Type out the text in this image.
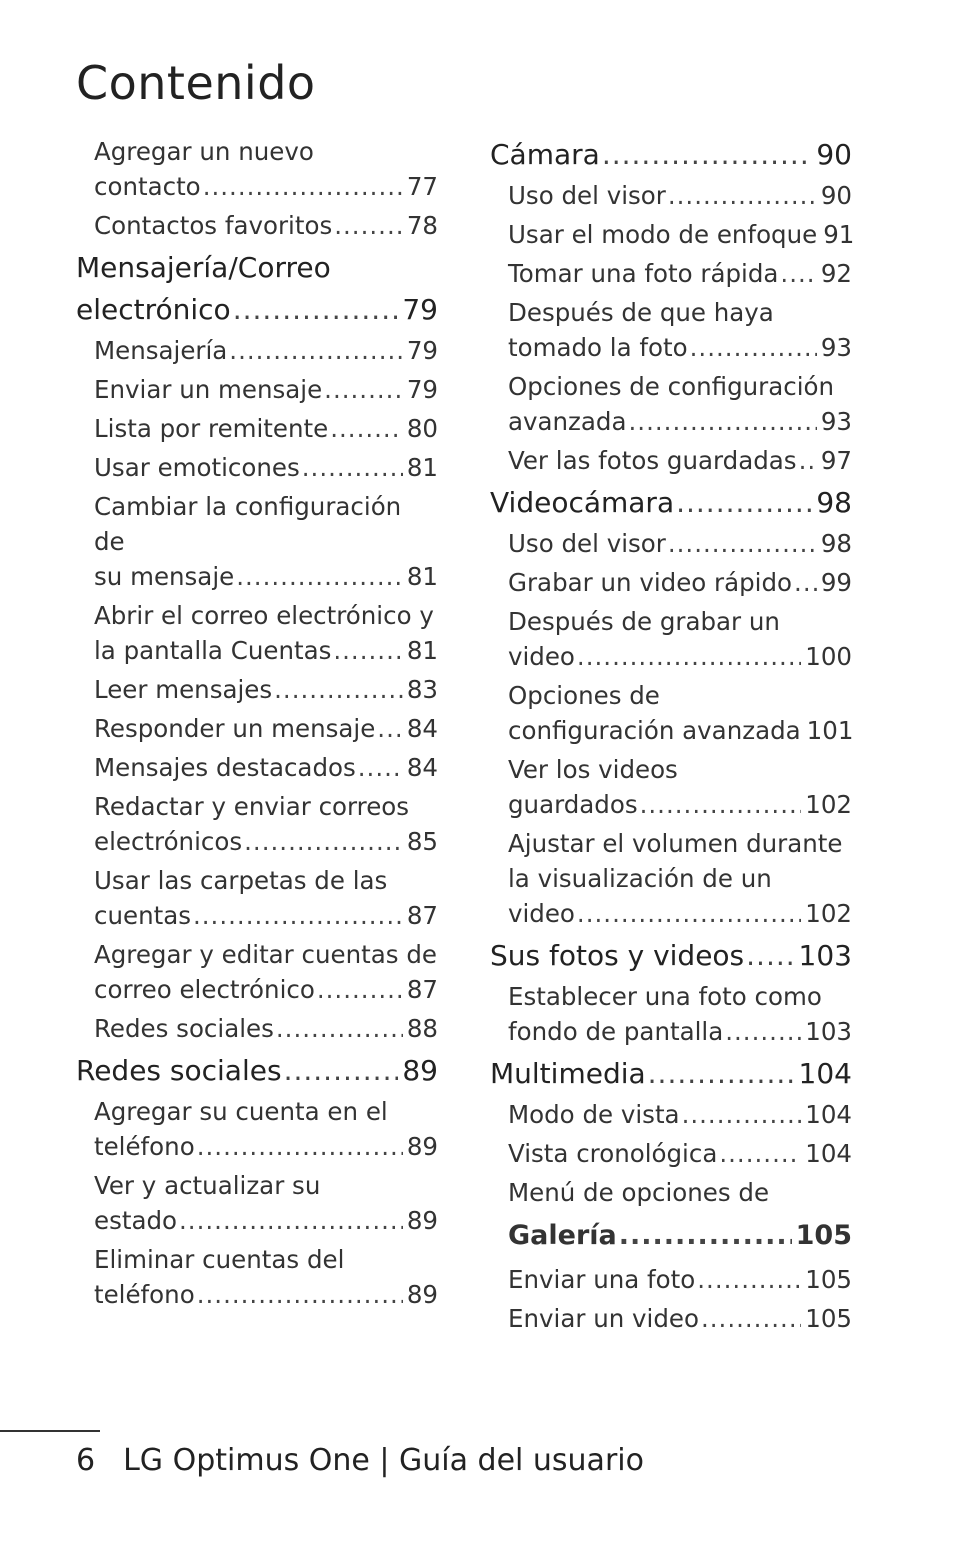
Contenido
Agregar un nuevo
contacto .....	77
Contactos favoritos .....	78
Mensajería/Correo
electrónico .....	79
Mensajería .....	79
Enviar un mensaje .....	79
Lista por remitente .....	80
Usar emoticones .....	81
Cambiar la configuración de
su mensaje .....	81
Abrir el correo electrónico y
la pantalla Cuentas .....	81
Leer mensajes .....	83
Responder un mensaje ..... 84
Mensajes destacados ..... 84
Redactar y enviar correos
electrónicos .....	85
Usar las carpetas de las
cuentas .....	87
Agregar y editar cuentas de
correo electrónico .....	87
Redes sociales .....	88
Redes sociales .....	89
Agregar su cuenta en el
teléfono .....	89
Ver y actualizar su
estado .....	89
Eliminar cuentas del
teléfono .....	89
Cámara .....	90
Uso del visor .....	90
Usar el modo de enfoque 91
Tomar una foto rápida ..... 92
Después de que haya
tomado la foto .....	93
Opciones de configuración
avanzada .....	93
Ver las fotos guardadas ..... 97
Videocámara .....	98
Uso del visor .....	98
Grabar un video rápido ..... 99
Después de grabar un
video .....	100
Opciones de
configuración avanzada 101
Ver los videos
guardados .....	102
Ajustar el volumen durante
la visualización de un
video .....	102
Sus fotos y videos ..... 103
Establecer una foto como
fondo de pantalla .....	103
Multimedia .....	104
Modo de vista .....	104
Vista cronológica .....	104
Menú de opciones de
Galería .....	105
Enviar una foto .....	105
Enviar un video .....	105
6 LG Optimus One | Guía del usuario
